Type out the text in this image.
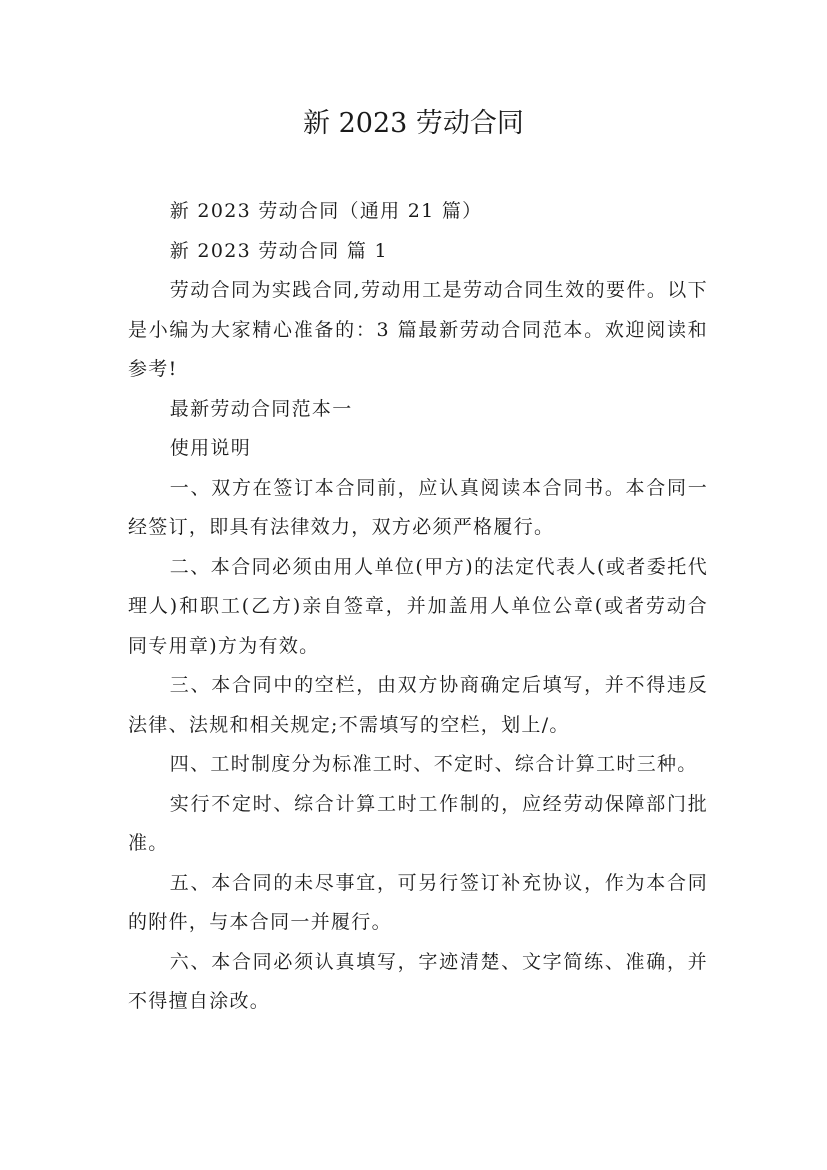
新 2023 劳动合同

新 2023 劳动合同（通用 21 篇）

新 2023 劳动合同 篇 1

劳动合同为实践合同,劳动用工是劳动合同生效的要件。以下是小编为大家精心准备的：3 篇最新劳动合同范本。欢迎阅读和参考!

最新劳动合同范本一

使用说明

一、双方在签订本合同前，应认真阅读本合同书。本合同一经签订，即具有法律效力，双方必须严格履行。

二、本合同必须由用人单位(甲方)的法定代表人(或者委托代理人)和职工(乙方)亲自签章，并加盖用人单位公章(或者劳动合同专用章)方为有效。

三、本合同中的空栏，由双方协商确定后填写，并不得违反法律、法规和相关规定;不需填写的空栏，划上/。

四、工时制度分为标准工时、不定时、综合计算工时三种。

实行不定时、综合计算工时工作制的，应经劳动保障部门批准。

五、本合同的未尽事宜，可另行签订补充协议，作为本合同的附件，与本合同一并履行。

六、本合同必须认真填写，字迹清楚、文字简练、准确，并不得擅自涂改。
